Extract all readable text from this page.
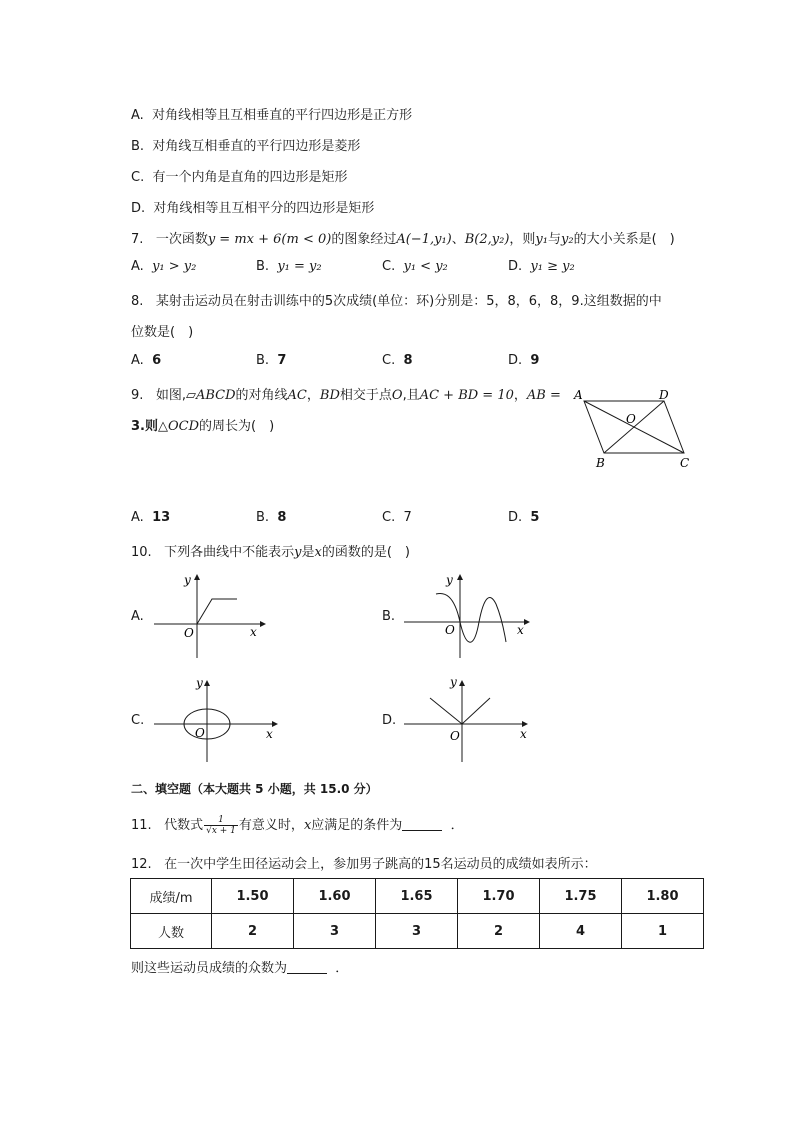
A. 对角线相等且互相垂直的平行四边形是正方形
B. 对角线互相垂直的平行四边形是菱形
C. 有一个内角是直角的四边形是矩形
D. 对角线相等且互相平分的四边形是矩形
7. 一次函数y = mx + 6(m < 0)的图象经过A(−1,y₁)、B(2,y₂)，则y₁与y₂的大小关系是(　)
A. y₁ > y₂	B. y₁ = y₂	C. y₁ < y₂	D. y₁ ≥ y₂
8. 某射击运动员在射击训练中的5次成绩(单位：环)分别是：5，8，6，8，9.这组数据的中
位数是(　)
A. 6	B. 7	C. 8	D. 9
9. 如图,▱ABCD的对角线AC，BD相交于点O,且AC + BD = 10，AB =
3.则△OCD的周长为(　)
A	D
O
B	C
A. 13	B. 8	C. 7	D. 5
10. 下列各曲线中不能表示y是x的函数的是(　)
A.
y
x
O
B.
y
x
O
C.
y
x
O
D.
y
x
O
二、填空题（本大题共 5 小题，共 15.0 分）
11. 代数式 $\frac{1}{√x + 1}$ 有意义时，x应满足的条件为	．
12. 在一次中学生田径运动会上，参加男子跳高的15名运动员的成绩如表所示：
成绩/m	1.50	1.60	1.65	1.70	1.75	1.80
人数	2	3	3	2	4	1
则这些运动员成绩的众数为	．
